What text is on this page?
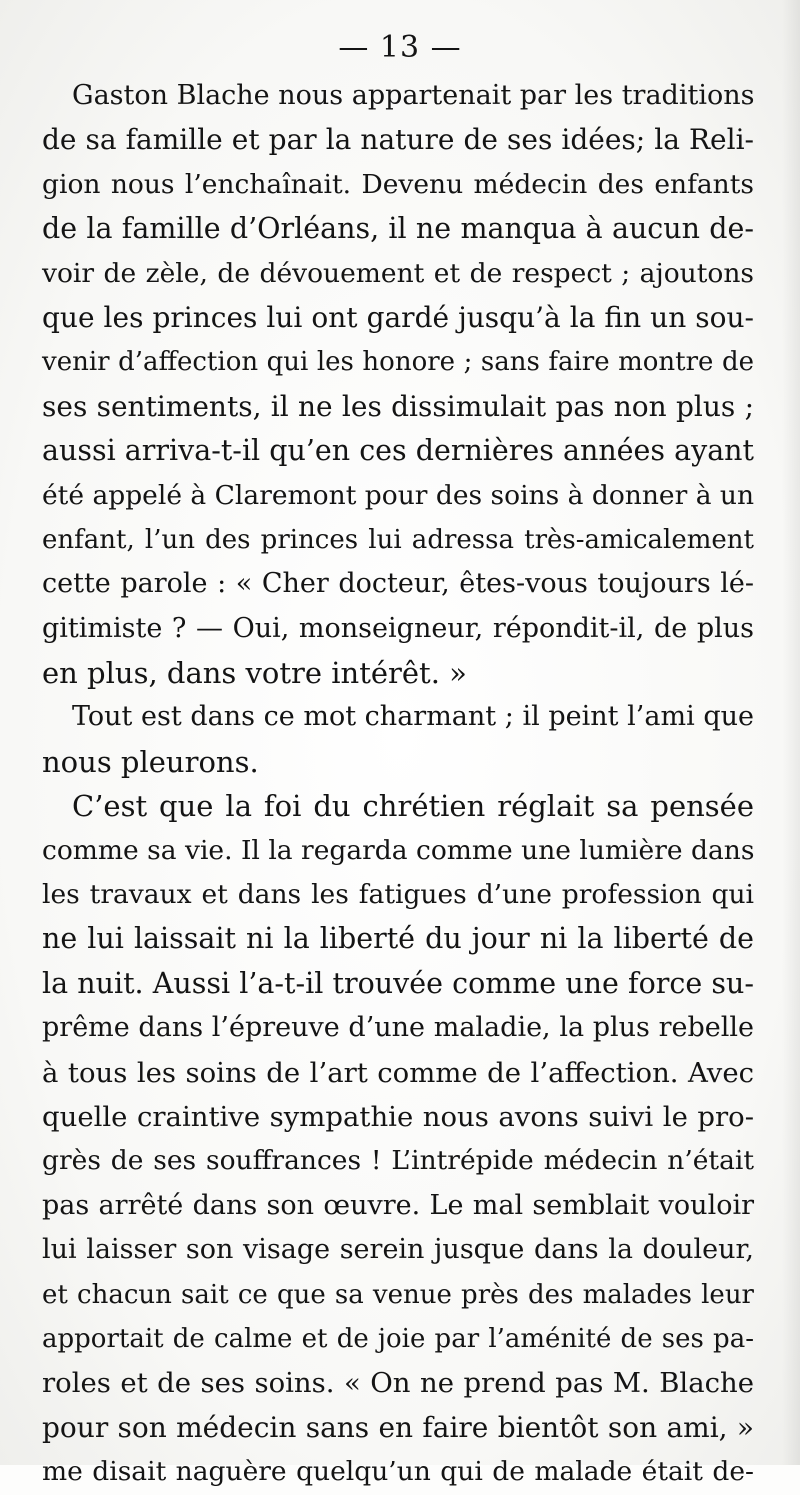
— 13 —
Gaston Blache nous appartenait par les traditions
de sa famille et par la nature de ses idées; la Reli-
gion nous l’enchaînait. Devenu médecin des enfants
de la famille d’Orléans, il ne manqua à aucun de-
voir de zèle, de dévouement et de respect ; ajoutons
que les princes lui ont gardé jusqu’à la fin un sou-
venir d’affection qui les honore ; sans faire montre de
ses sentiments, il ne les dissimulait pas non plus ;
aussi arriva-t-il qu’en ces dernières années ayant
été appelé à Claremont pour des soins à donner à un
enfant, l’un des princes lui adressa très-amicalement
cette parole : « Cher docteur, êtes-vous toujours lé-
gitimiste ? — Oui, monseigneur, répondit-il, de plus
en plus, dans votre intérêt. »
Tout est dans ce mot charmant ; il peint l’ami que
nous pleurons.
C’est que la foi du chrétien réglait sa pensée
comme sa vie. Il la regarda comme une lumière dans
les travaux et dans les fatigues d’une profession qui
ne lui laissait ni la liberté du jour ni la liberté de
la nuit. Aussi l’a-t-il trouvée comme une force su-
prême dans l’épreuve d’une maladie, la plus rebelle
à tous les soins de l’art comme de l’affection. Avec
quelle craintive sympathie nous avons suivi le pro-
grès de ses souffrances ! L’intrépide médecin n’était
pas arrêté dans son œuvre. Le mal semblait vouloir
lui laisser son visage serein jusque dans la douleur,
et chacun sait ce que sa venue près des malades leur
apportait de calme et de joie par l’aménité de ses pa-
roles et de ses soins. « On ne prend pas M. Blache
pour son médecin sans en faire bientôt son ami, »
me disait naguère quelqu’un qui de malade était de-
